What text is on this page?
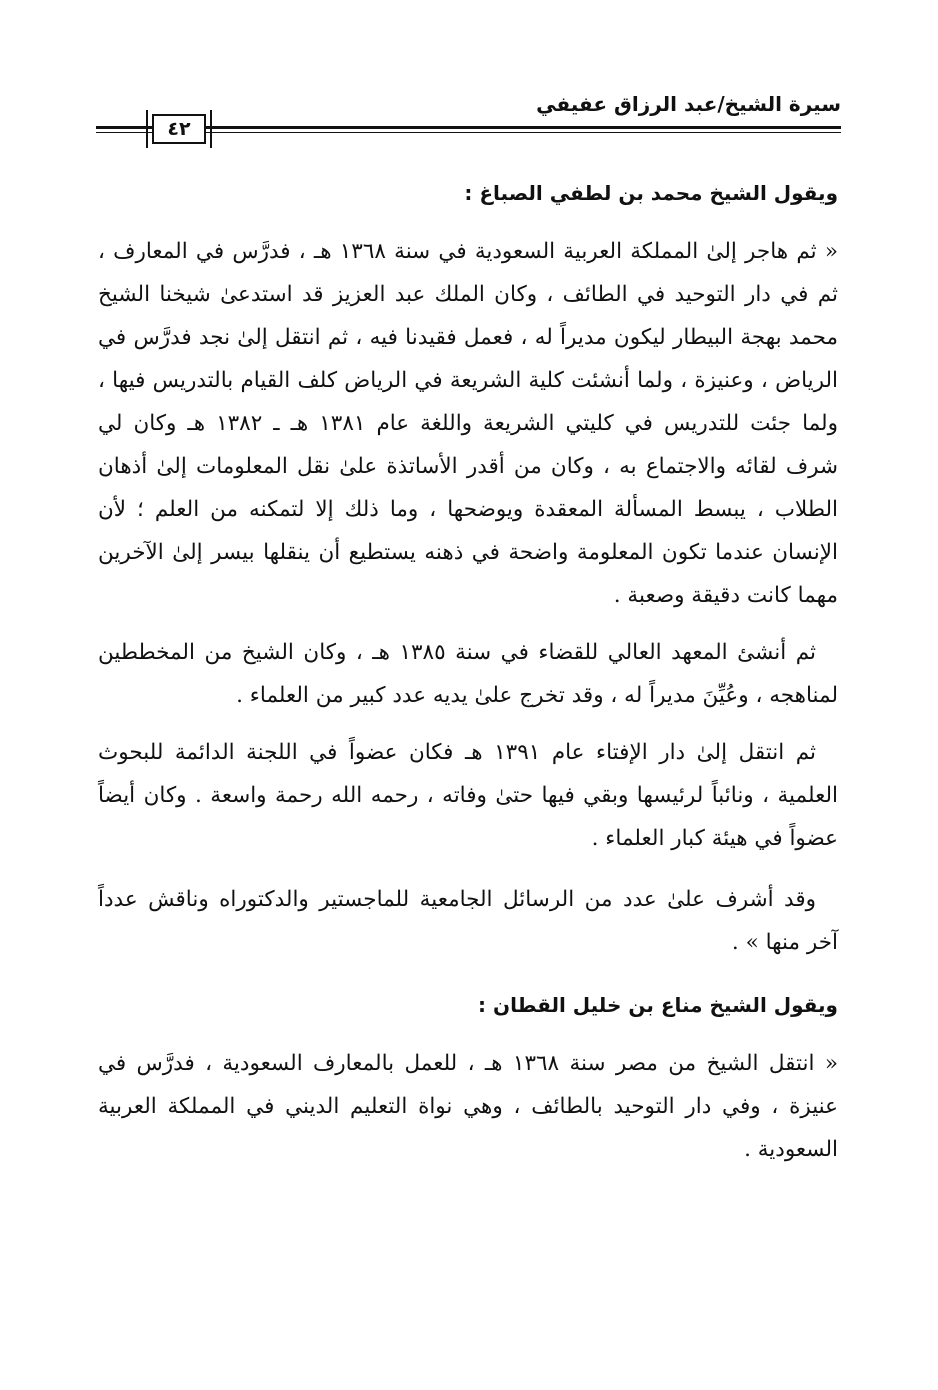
سيرة الشيخ/عبد الرزاق عفيفي
٤٢

ويقول الشيخ محمد بن لطفي الصباغ :

« ثم هاجر إلىٰ المملكة العربية السعودية في سنة ١٣٦٨ هـ ، فدرَّس في المعارف ، ثم في دار التوحيد في الطائف ، وكان الملك عبد العزيز قد استدعىٰ شيخنا الشيخ محمد بهجة البيطار ليكون مديراً له ، فعمل فقيدنا فيه ، ثم انتقل إلىٰ نجد فدرَّس في الرياض ، وعنيزة ، ولما أنشئت كلية الشريعة في الرياض كلف القيام بالتدريس فيها ، ولما جئت للتدريس في كليتي الشريعة واللغة عام ١٣٨١ هـ ـ ١٣٨٢ هـ وكان لي شرف لقائه والاجتماع به ، وكان من أقدر الأساتذة علىٰ نقل المعلومات إلىٰ أذهان الطلاب ، يبسط المسألة المعقدة ويوضحها ، وما ذلك إلا لتمكنه من العلم ؛ لأن الإنسان عندما تكون المعلومة واضحة في ذهنه يستطيع أن ينقلها بيسر إلىٰ الآخرين مهما كانت دقيقة وصعبة .

ثم أنشئ المعهد العالي للقضاء في سنة ١٣٨٥ هـ ، وكان الشيخ من المخططين لمناهجه ، وعُيِّنَ مديراً له ، وقد تخرج علىٰ يديه عدد كبير من العلماء .

ثم انتقل إلىٰ دار الإفتاء عام ١٣٩١ هـ فكان عضواً في اللجنة الدائمة للبحوث العلمية ، ونائباً لرئيسها وبقي فيها حتىٰ وفاته ، رحمه الله رحمة واسعة . وكان أيضاً عضواً في هيئة كبار العلماء .

وقد أشرف علىٰ عدد من الرسائل الجامعية للماجستير والدكتوراه وناقش عدداً آخر منها » .

ويقول الشيخ مناع بن خليل القطان :

« انتقل الشيخ من مصر سنة ١٣٦٨ هـ ، للعمل بالمعارف السعودية ، فدرَّس في عنيزة ، وفي دار التوحيد بالطائف ، وهي نواة التعليم الديني في المملكة العربية السعودية .
